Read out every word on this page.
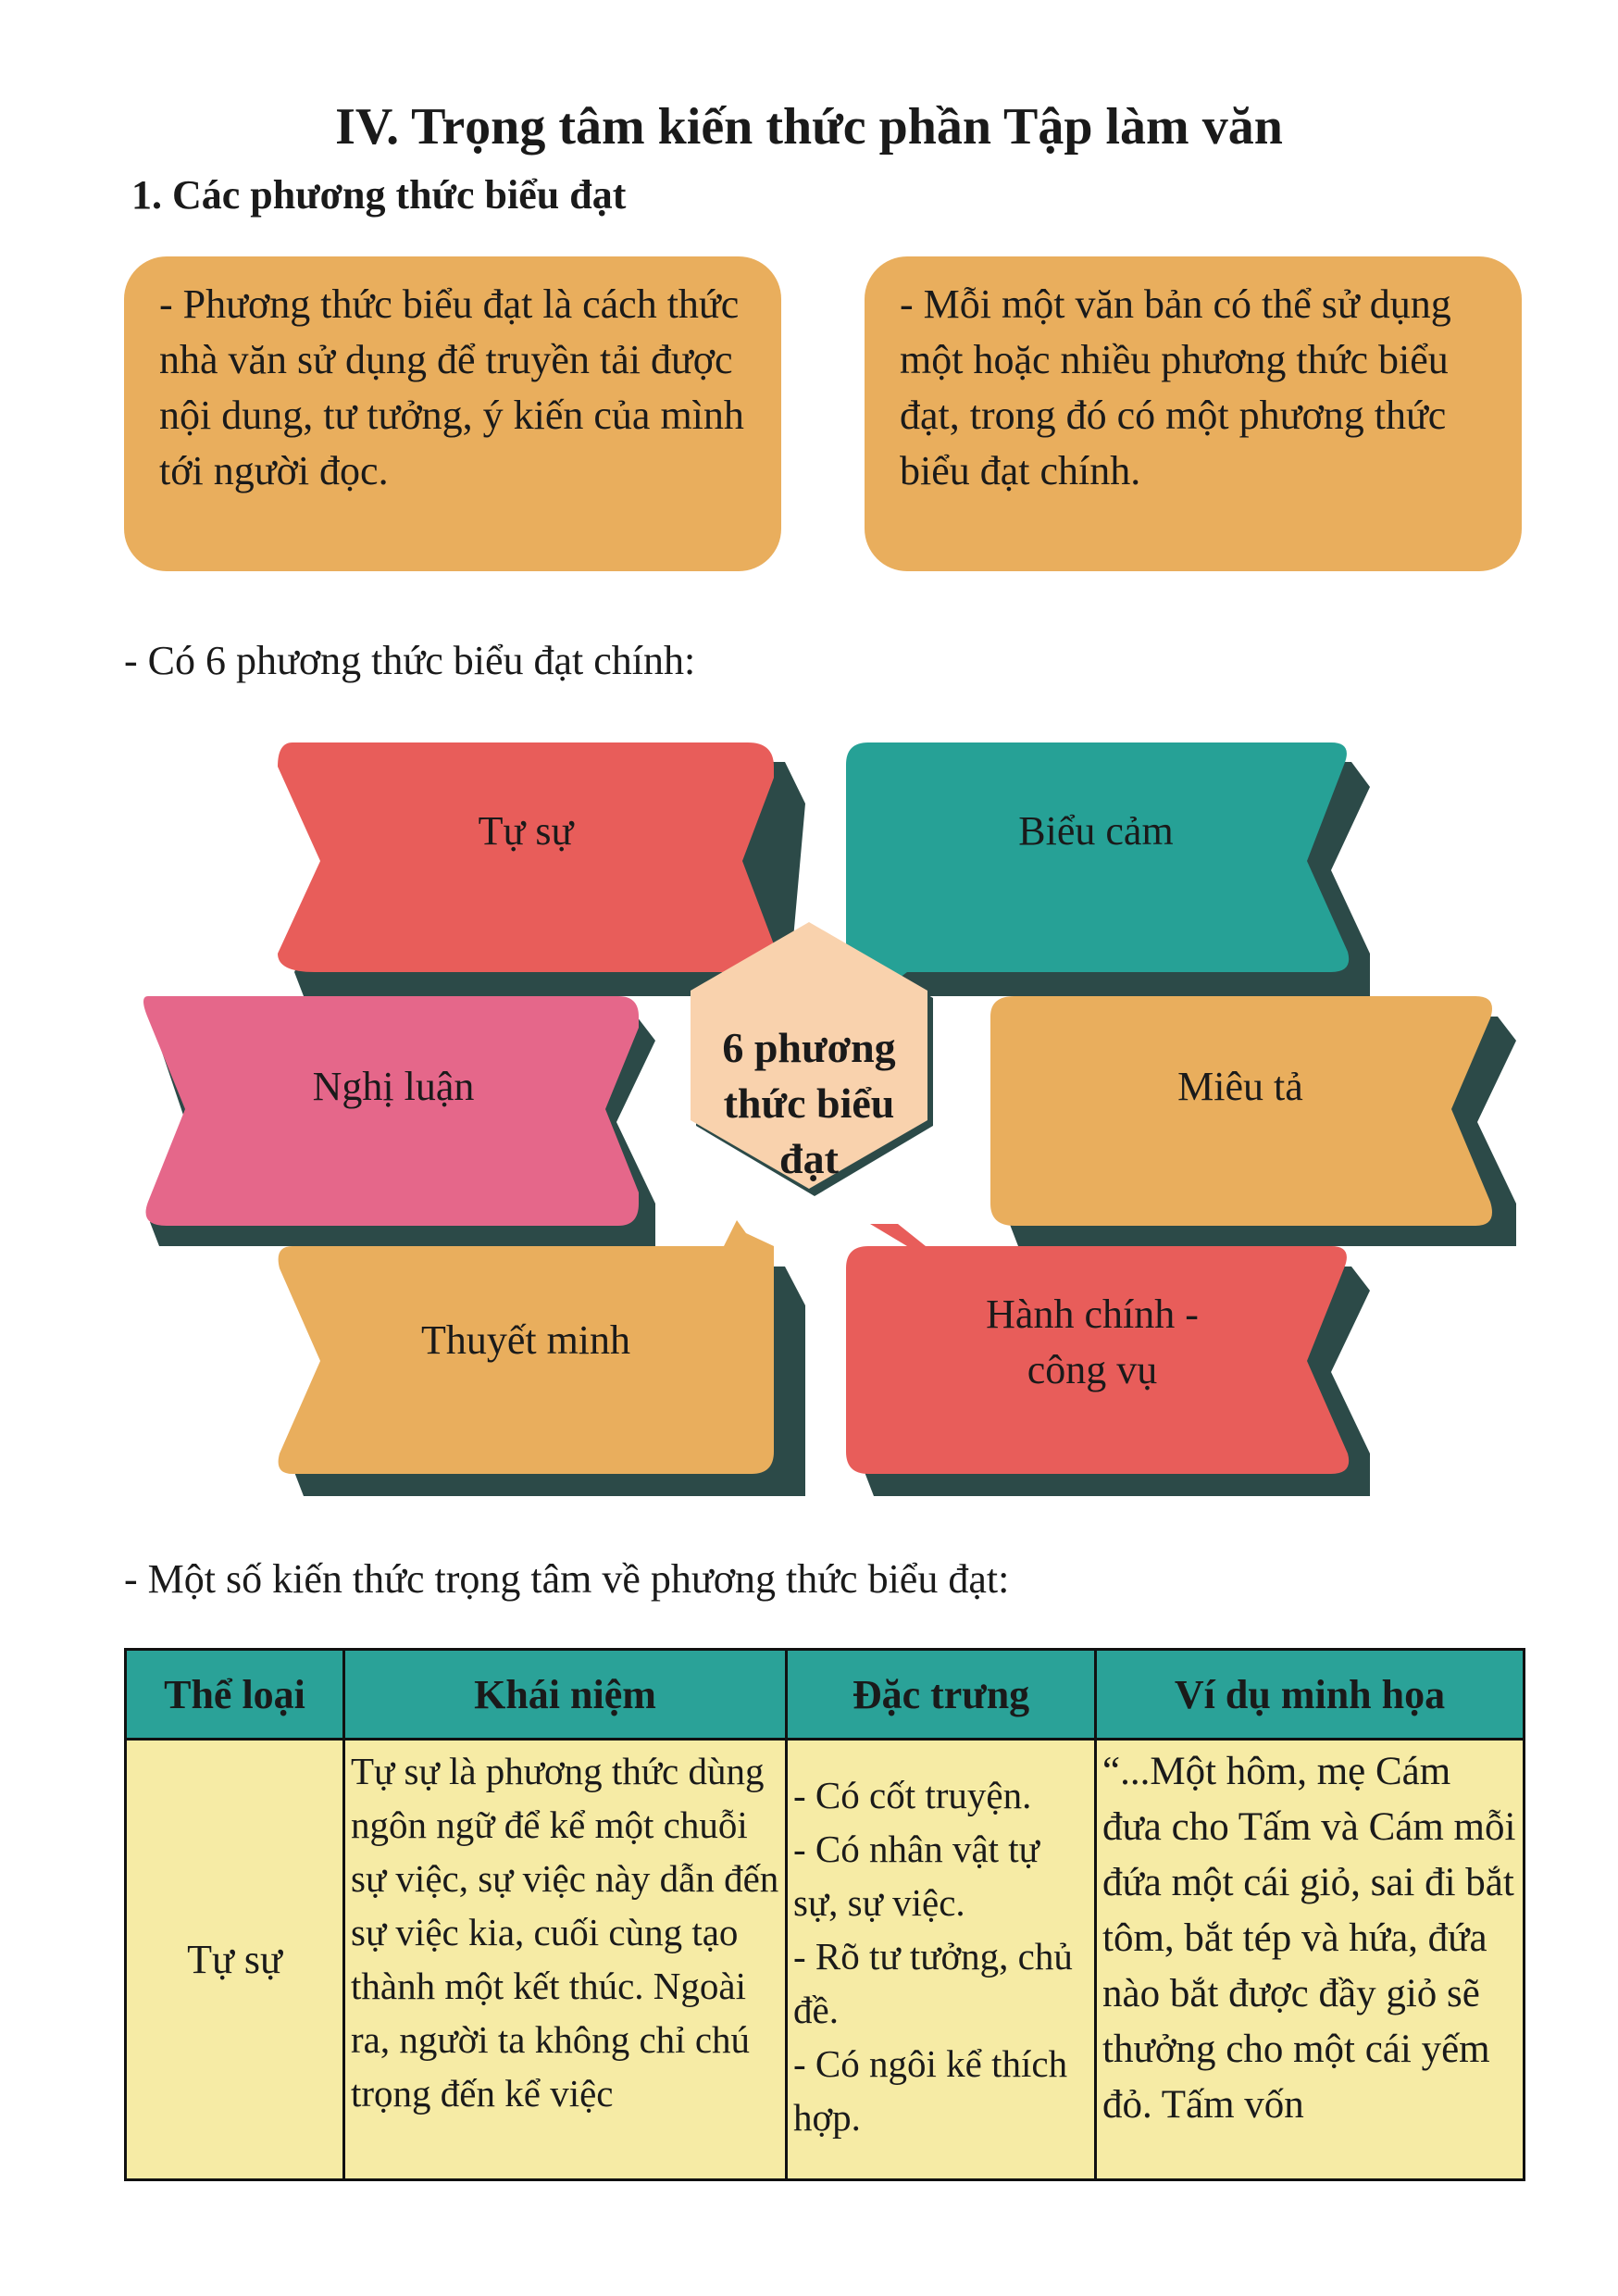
IV. Trọng tâm kiến thức phần Tập làm văn
1. Các phương thức biểu đạt
- Phương thức biểu đạt là cách thức nhà văn sử dụng để truyền tải được nội dung, tư tưởng, ý kiến của mình tới người đọc.
- Mỗi một văn bản có thể sử dụng một hoặc nhiều phương thức biểu đạt, trong đó có một phương thức biểu đạt chính.
- Có 6 phương thức biểu đạt chính:
Tự sự	Biểu cảm
Nghị luận	Miêu tả
Thuyết minh
Hành chính - công vụ
6 phương thức biểu đạt
- Một số kiến thức trọng tâm về phương thức biểu đạt:
Thể loại	Khái niệm	Đặc trưng	Ví dụ minh họa
Tự sự	Tự sự là phương thức dùng ngôn ngữ để kể một chuỗi sự việc, sự việc này dẫn đến sự việc kia, cuối cùng tạo thành một kết thúc. Ngoài ra, người ta không chỉ chú trọng đến kể việc	- Có cốt truyện.
- Có nhân vật tự sự, sự việc.
- Rõ tư tưởng, chủ đề.
- Có ngôi kể thích hợp.	“...Một hôm, mẹ Cám đưa cho Tấm và Cám mỗi đứa một cái giỏ, sai đi bắt tôm, bắt tép và hứa, đứa nào bắt được đầy giỏ sẽ thưởng cho một cái yếm đỏ. Tấm vốn
